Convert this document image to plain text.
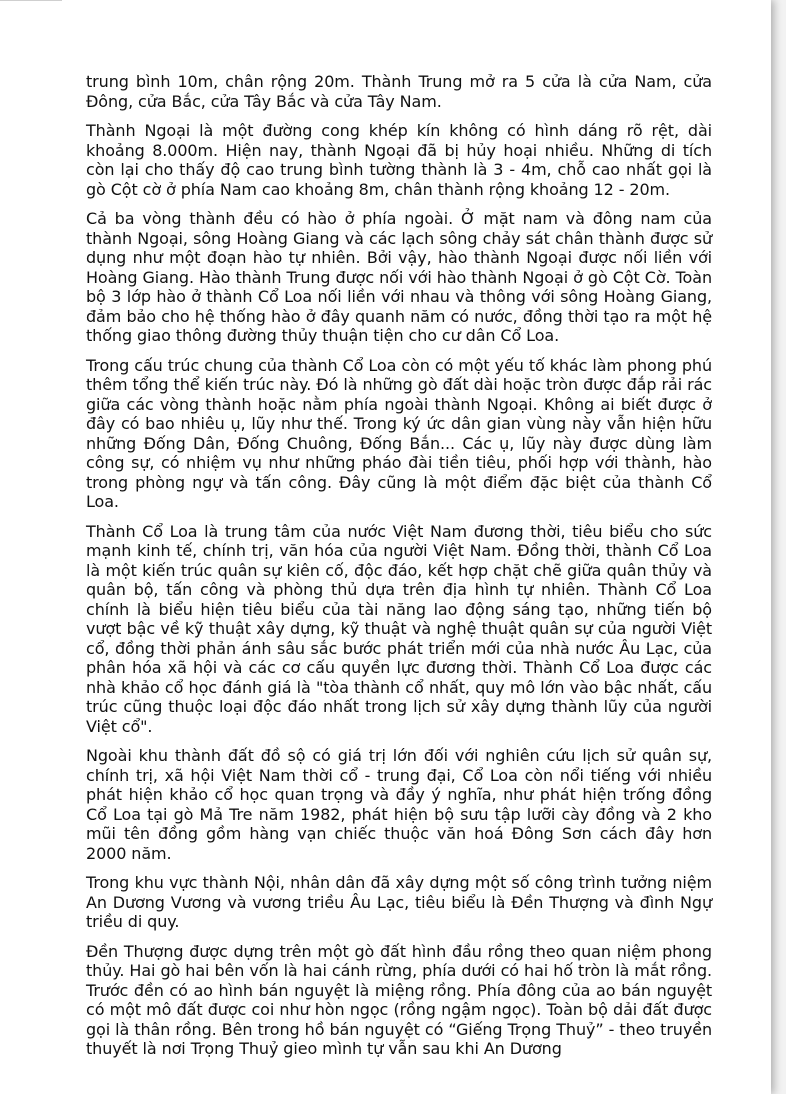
trung bình 10m, chân rộng 20m. Thành Trung mở ra 5 cửa là cửa Nam, cửa Đông, cửa Bắc, cửa Tây Bắc và cửa Tây Nam.

Thành Ngoại là một đường cong khép kín không có hình dáng rõ rệt, dài khoảng 8.000m. Hiện nay, thành Ngoại đã bị hủy hoại nhiều. Những di tích còn lại cho thấy độ cao trung bình tường thành là 3 - 4m, chỗ cao nhất gọi là gò Cột cờ ở phía Nam cao khoảng 8m, chân thành rộng khoảng 12 - 20m.

Cả ba vòng thành đều có hào ở phía ngoài. Ở mặt nam và đông nam của thành Ngoại, sông Hoàng Giang và các lạch sông chảy sát chân thành được sử dụng như một đoạn hào tự nhiên. Bởi vậy, hào thành Ngoại được nối liền với Hoàng Giang. Hào thành Trung được nối với hào thành Ngoại ở gò Cột Cờ. Toàn bộ 3 lớp hào ở thành Cổ Loa nối liền với nhau và thông với sông Hoàng Giang, đảm bảo cho hệ thống hào ở đây quanh năm có nước, đồng thời tạo ra một hệ thống giao thông đường thủy thuận tiện cho cư dân Cổ Loa.

Trong cấu trúc chung của thành Cổ Loa còn có một yếu tố khác làm phong phú thêm tổng thể kiến trúc này. Đó là những gò đất dài hoặc tròn được đắp rải rác giữa các vòng thành hoặc nằm phía ngoài thành Ngoại. Không ai biết được ở đây có bao nhiêu ụ, lũy như thế. Trong ký ức dân gian vùng này vẫn hiện hữu những Đống Dân, Đống Chuông, Đống Bắn... Các ụ, lũy này được dùng làm công sự, có nhiệm vụ như những pháo đài tiền tiêu, phối hợp với thành, hào trong phòng ngự và tấn công. Đây cũng là một điểm đặc biệt của thành Cổ Loa.

Thành Cổ Loa là trung tâm của nước Việt Nam đương thời, tiêu biểu cho sức mạnh kinh tế, chính trị, văn hóa của người Việt Nam. Đồng thời, thành Cổ Loa là một kiến trúc quân sự kiên cố, độc đáo, kết hợp chặt chẽ giữa quân thủy và quân bộ, tấn công và phòng thủ dựa trên địa hình tự nhiên. Thành Cổ Loa chính là biểu hiện tiêu biểu của tài năng lao động sáng tạo, những tiến bộ vượt bậc về kỹ thuật xây dựng, kỹ thuật và nghệ thuật quân sự của người Việt cổ, đồng thời phản ánh sâu sắc bước phát triển mới của nhà nước Âu Lạc, của phân hóa xã hội và các cơ cấu quyền lực đương thời. Thành Cổ Loa được các nhà khảo cổ học đánh giá là "tòa thành cổ nhất, quy mô lớn vào bậc nhất, cấu trúc cũng thuộc loại độc đáo nhất trong lịch sử xây dựng thành lũy của người Việt cổ".

Ngoài khu thành đất đồ sộ có giá trị lớn đối với nghiên cứu lịch sử quân sự, chính trị, xã hội Việt Nam thời cổ - trung đại, Cổ Loa còn nổi tiếng với nhiều phát hiện khảo cổ học quan trọng và đầy ý nghĩa, như phát hiện trống đồng Cổ Loa tại gò Mả Tre năm 1982, phát hiện bộ sưu tập lưỡi cày đồng và 2 kho mũi tên đồng gồm hàng vạn chiếc thuộc văn hoá Đông Sơn cách đây hơn 2000 năm.

Trong khu vực thành Nội, nhân dân đã xây dựng một số công trình tưởng niệm An Dương Vương và vương triều Âu Lạc, tiêu biểu là Đền Thượng và đình Ngự triều di quy.

Đền Thượng được dựng trên một gò đất hình đầu rồng theo quan niệm phong thủy. Hai gò hai bên vốn là hai cánh rừng, phía dưới có hai hố tròn là mắt rồng. Trước đền có ao hình bán nguyệt là miệng rồng. Phía đông của ao bán nguyệt có một mô đất được coi như hòn ngọc (rồng ngậm ngọc). Toàn bộ dải đất được gọi là thân rồng. Bên trong hồ bán nguyệt có “Giếng Trọng Thuỷ” - theo truyền thuyết là nơi Trọng Thuỷ gieo mình tự vẫn sau khi An Dương
